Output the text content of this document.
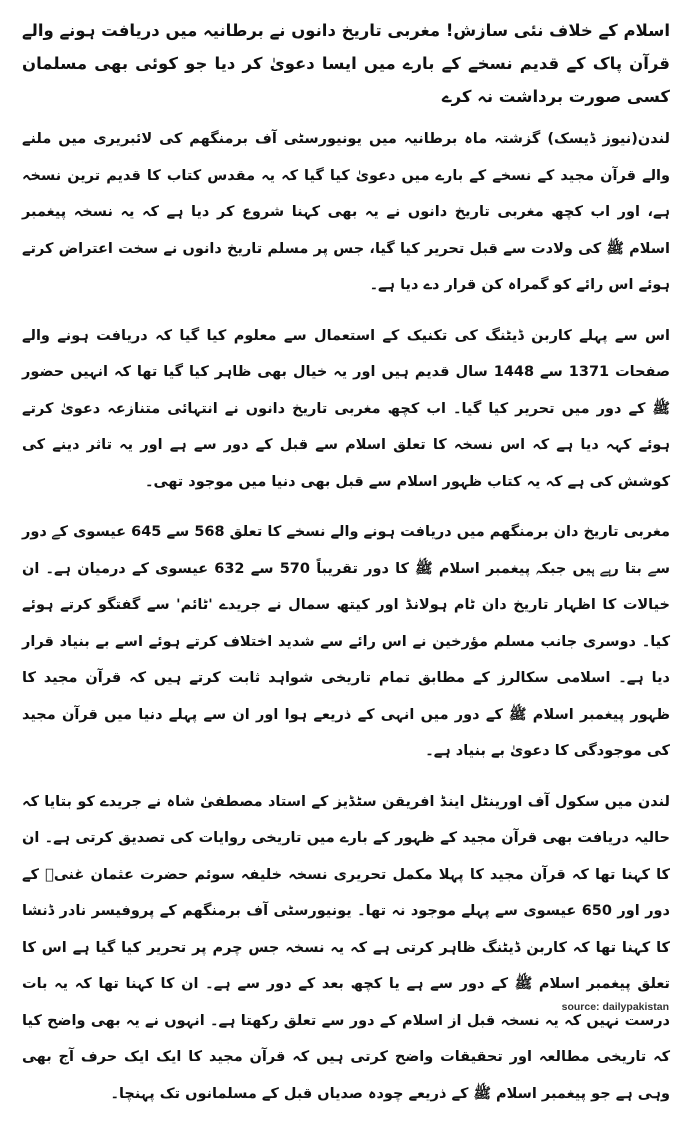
اسلام کے خلاف نئی سازش! مغربی تاریخ دانوں نے برطانیہ میں دریافت ہونے والے قرآن پاک کے قدیم نسخے کے بارے میں ایسا دعویٰ کر دیا جو کوئی بھی مسلمان کسی صورت برداشت نہ کرے

لندن(نیوز ڈیسک) گزشتہ ماہ برطانیہ میں یونیورسٹی آف برمنگھم کی لائبریری میں ملنے والے قرآن مجید کے نسخے کے بارے میں دعویٰ کیا گیا کہ یہ مقدس کتاب کا قدیم ترین نسخہ ہے، اور اب کچھ مغربی تاریخ دانوں نے یہ بھی کہنا شروع کر دیا ہے کہ یہ نسخہ پیغمبر اسلام ﷺ کی ولادت سے قبل تحریر کیا گیا، جس پر مسلم تاریخ دانوں نے سخت اعتراض کرتے ہوئے اس رائے کو گمراہ کن قرار دے دیا ہے۔

اس سے پہلے کاربن ڈیٹنگ کی تکنیک کے استعمال سے معلوم کیا گیا کہ دریافت ہونے والے صفحات 1371 سے 1448 سال قدیم ہیں اور یہ خیال بھی ظاہر کیا گیا تھا کہ انہیں حضور ﷺ کے دور میں تحریر کیا گیا۔ اب کچھ مغربی تاریخ دانوں نے انتہائی متنازعہ دعویٰ کرتے ہوئے کہہ دیا ہے کہ اس نسخہ کا تعلق اسلام سے قبل کے دور سے ہے اور یہ تاثر دینے کی کوشش کی ہے کہ یہ کتاب ظہور اسلام سے قبل بھی دنیا میں موجود تھی۔

مغربی تاریخ دان برمنگھم میں دریافت ہونے والے نسخے کا تعلق 568 سے 645 عیسوی کے دور سے بتا رہے ہیں جبکہ پیغمبر اسلام ﷺ کا دور تقریباً 570 سے 632 عیسوی کے درمیان ہے۔ ان خیالات کا اظہار تاریخ دان ٹام ہولانڈ اور کیتھ سمال نے جریدے 'ٹائم' سے گفتگو کرتے ہوئے کیا۔ دوسری جانب مسلم مؤرخین نے اس رائے سے شدید اختلاف کرتے ہوئے اسے بے بنیاد قرار دیا ہے۔ اسلامی سکالرز کے مطابق تمام تاریخی شواہد ثابت کرتے ہیں کہ قرآن مجید کا ظہور پیغمبر اسلام ﷺ کے دور میں انہی کے ذریعے ہوا اور ان سے پہلے دنیا میں قرآن مجید کی موجودگی کا دعویٰ بے بنیاد ہے۔

لندن میں سکول آف اورینٹل اینڈ افریقن سٹڈیز کے استاد مصطفیٰ شاہ نے جریدے کو بتایا کہ حالیہ دریافت بھی قرآن مجید کے ظہور کے بارے میں تاریخی روایات کی تصدیق کرتی ہے۔ ان کا کہنا تھا کہ قرآن مجید کا پہلا مکمل تحریری نسخہ خلیفہ سوئم حضرت عثمان غنیؓ کے دور اور 650 عیسوی سے پہلے موجود نہ تھا۔ یونیورسٹی آف برمنگھم کے پروفیسر نادر ڈنشا کا کہنا تھا کہ کاربن ڈیٹنگ ظاہر کرتی ہے کہ یہ نسخہ جس چرم پر تحریر کیا گیا ہے اس کا تعلق پیغمبر اسلام ﷺ کے دور سے ہے یا کچھ بعد کے دور سے ہے۔ ان کا کہنا تھا کہ یہ بات درست نہیں کہ یہ نسخہ قبل از اسلام کے دور سے تعلق رکھتا ہے۔ انہوں نے یہ بھی واضح کیا کہ تاریخی مطالعہ اور تحقیقات واضح کرتی ہیں کہ قرآن مجید کا ایک ایک حرف آج بھی وہی ہے جو پیغمبر اسلام ﷺ کے ذریعے چودہ صدیاں قبل کے مسلمانوں تک پہنچا۔

source: dailypakistan
